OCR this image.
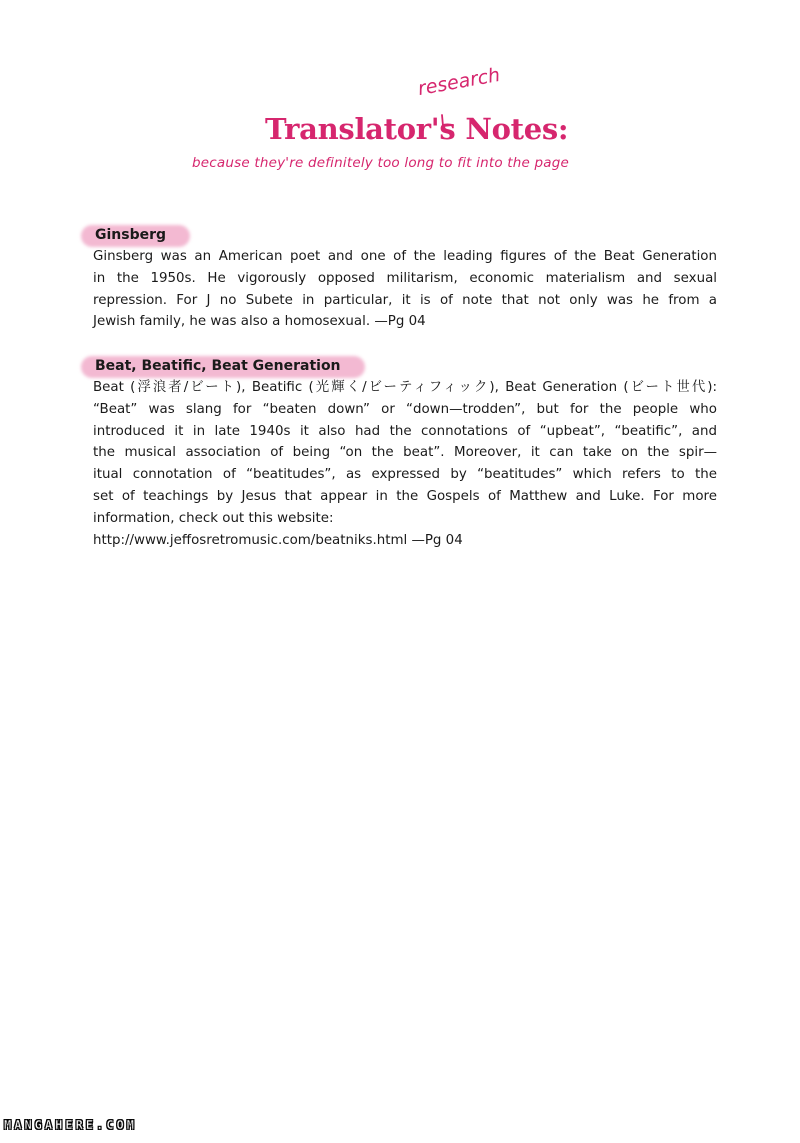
research
Translator's Notes:
because they're definitely too long to fit into the page
Ginsberg
Ginsberg was an American poet and one of the leading figures of the Beat Generation
in the 1950s. He vigorously opposed militarism, economic materialism and sexual
repression. For J no Subete in particular, it is of note that not only was he from a
Jewish family, he was also a homosexual. —Pg 04
Beat, Beatific, Beat Generation
Beat (浮浪者/ビート), Beatific (光輝く/ビーティフィック), Beat Generation (ビート世代):
“Beat” was slang for “beaten down” or “down—trodden”, but for the people who
introduced it in late 1940s it also had the connotations of “upbeat”, “beatific”, and
the musical association of being “on the beat”. Moreover, it can take on the spir—
itual connotation of “beatitudes”, as expressed by “beatitudes” which refers to the
set of teachings by Jesus that appear in the Gospels of Matthew and Luke. For more
information, check out this website:
http://www.jeffosretromusic.com/beatniks.html —Pg 04
MANGAHERE.COM
